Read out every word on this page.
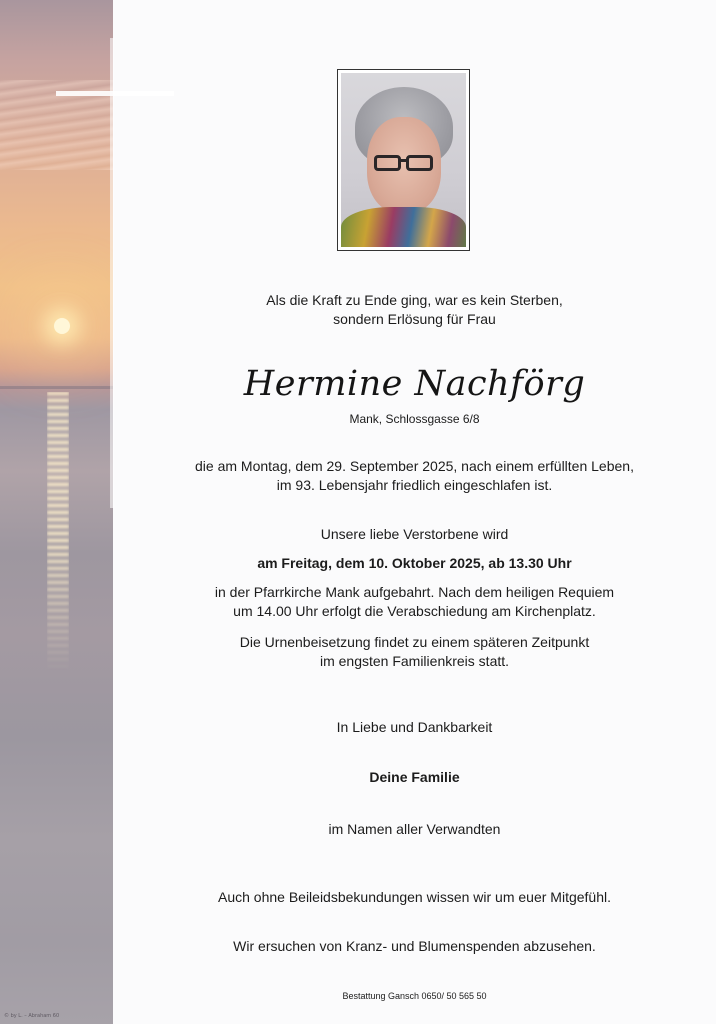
© by L. – Abraham 60

Als die Kraft zu Ende ging, war es kein Sterben,

sondern Erlösung für Frau

Hermine Nachförg
Mank, Schlossgasse 6/8

die am Montag, dem 29. September 2025, nach einem erfüllten Leben,

im 93. Lebensjahr friedlich eingeschlafen ist.

Unsere liebe Verstorbene wird
am Freitag, dem 10. Oktober 2025, ab 13.30 Uhr

in der Pfarrkirche Mank aufgebahrt. Nach dem heiligen Requiem

um 14.00 Uhr erfolgt die Verabschiedung am Kirchenplatz.

Die Urnenbeisetzung findet zu einem späteren Zeitpunkt

im engsten Familienkreis statt.

In Liebe und Dankbarkeit
Deine Familie
im Namen aller Verwandten
Auch ohne Beileidsbekundungen wissen wir um euer Mitgefühl.
Wir ersuchen von Kranz- und Blumenspenden abzusehen.
Bestattung Gansch 0650/ 50 565 50
